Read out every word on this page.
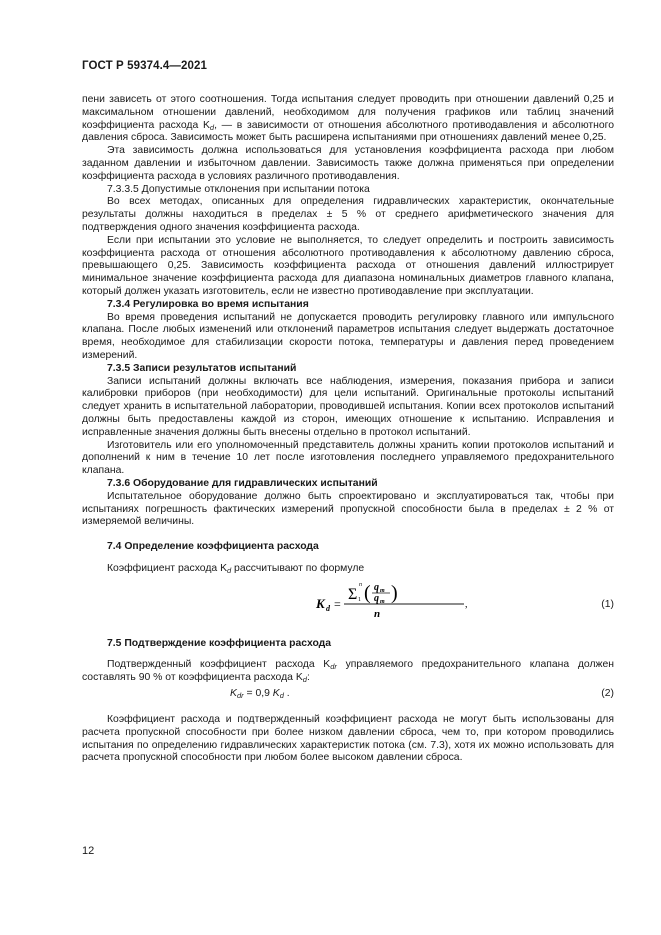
ГОСТ Р 59374.4—2021

пени зависеть от этого соотношения. Тогда испытания следует проводить при отношении давлений 0,25 и максимальном отношении давлений, необходимом для получения графиков или таблиц значений коэффициента расхода $K_d$, — в зависимости от отношения абсолютного противодавления и абсолютного давления сброса. Зависимость может быть расширена испытаниями при отношениях давлений менее 0,25.

Эта зависимость должна использоваться для установления коэффициента расхода при любом заданном давлении и избыточном давлении. Зависимость также должна применяться при определении коэффициента расхода в условиях различного противодавления.

7.3.3.5 Допустимые отклонения при испытании потока

Во всех методах, описанных для определения гидравлических характеристик, окончательные результаты должны находиться в пределах ± 5 % от среднего арифметического значения для подтверждения одного значения коэффициента расхода.

Если при испытании это условие не выполняется, то следует определить и построить зависимость коэффициента расхода от отношения абсолютного противодавления к абсолютному давлению сброса, превышающего 0,25. Зависимость коэффициента расхода от отношения давлений иллюстрирует минимальное значение коэффициента расхода для диапазона номинальных диаметров главного клапана, который должен указать изготовитель, если не известно противодавление при эксплуатации.

7.3.4 Регулировка во время испытания

Во время проведения испытаний не допускается проводить регулировку главного или импульсного клапана. После любых изменений или отклонений параметров испытания следует выдержать достаточное время, необходимое для стабилизации скорости потока, температуры и давления перед проведением измерений.

7.3.5 Записи результатов испытаний

Записи испытаний должны включать все наблюдения, измерения, показания прибора и записи калибровки приборов (при необходимости) для цели испытаний. Оригинальные протоколы испытаний следует хранить в испытательной лаборатории, проводившей испытания. Копии всех протоколов испытаний должны быть предоставлены каждой из сторон, имеющих отношение к испытанию. Исправления и исправленные значения должны быть внесены отдельно в протокол испытаний.

Изготовитель или его уполномоченный представитель должны хранить копии протоколов испытаний и дополнений к ним в течение 10 лет после изготовления последнего управляемого предохранительного клапана.

7.3.6 Оборудование для гидравлических испытаний

Испытательное оборудование должно быть спроектировано и эксплуатироваться так, чтобы при испытаниях погрешность фактических измерений пропускной способности была в пределах ± 2 % от измеряемой величины.

7.4 Определение коэффициента расхода

Коэффициент расхода $K_d$ рассчитывают по формуле

K d =
Σ
n
1 ( q m
q m )
n
,	(1)

7.5 Подтверждение коэффициента расхода

Подтвержденный коэффициент расхода $K_{dr}$ управляемого предохранительного клапана должен составлять 90 % от коэффициента расхода $K_d$:

$K_{dr} = 0,9$ $K_d$ .	(2)

Коэффициент расхода и подтвержденный коэффициент расхода не могут быть использованы для расчета пропускной способности при более низком давлении сброса, чем то, при котором проводились испытания по определению гидравлических характеристик потока (см. 7.3), хотя их можно использовать для расчета пропускной способности при любом более высоком давлении сброса.

12
